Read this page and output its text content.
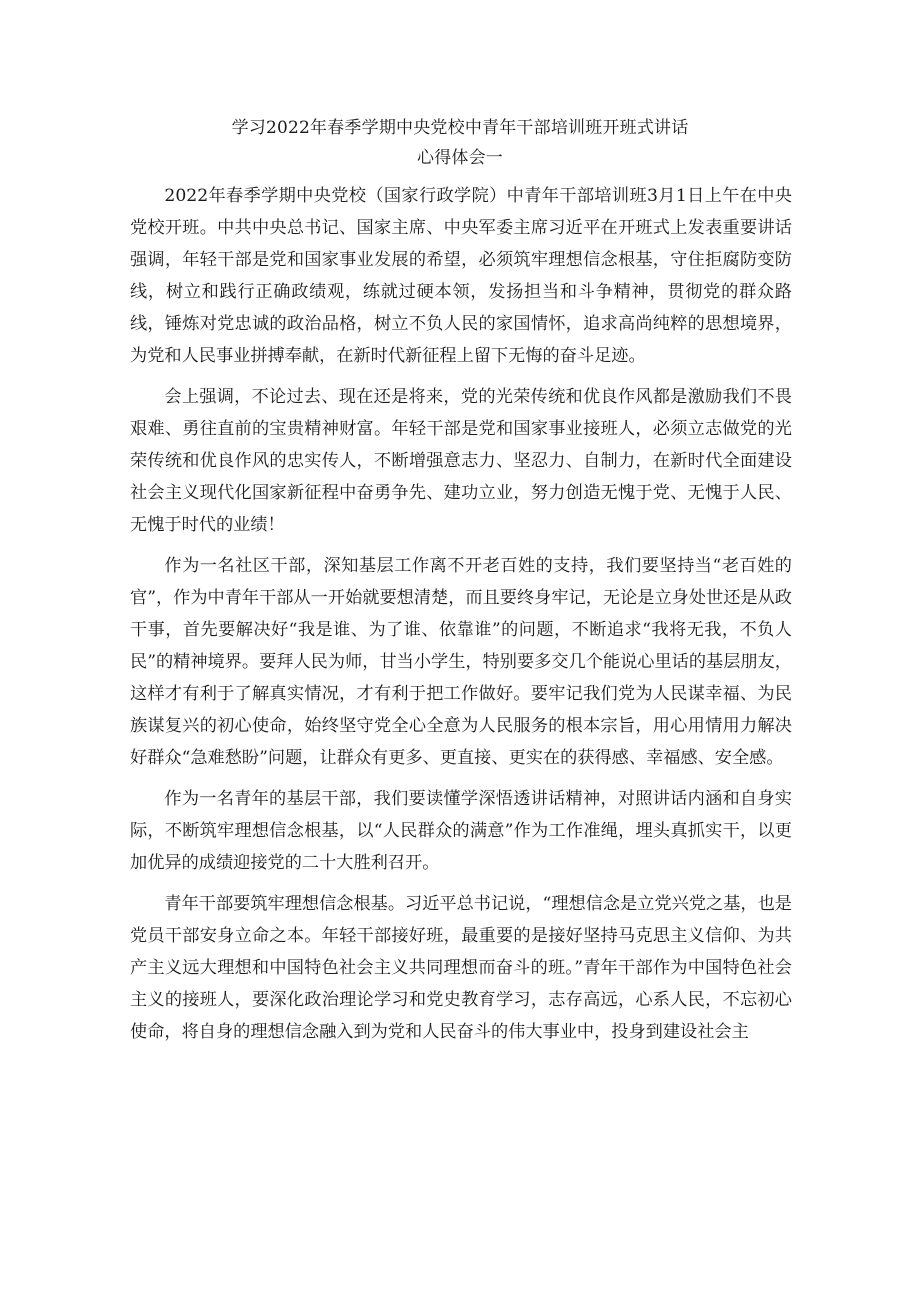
学习2022年春季学期中央党校中青年干部培训班开班式讲话
心得体会一

2022年春季学期中央党校（国家行政学院）中青年干部培训班3月1日上午在中央党校开班。中共中央总书记、国家主席、中央军委主席习近平在开班式上发表重要讲话强调，年轻干部是党和国家事业发展的希望，必须筑牢理想信念根基，守住拒腐防变防线，树立和践行正确政绩观，练就过硬本领，发扬担当和斗争精神，贯彻党的群众路线，锤炼对党忠诚的政治品格，树立不负人民的家国情怀，追求高尚纯粹的思想境界，为党和人民事业拼搏奉献，在新时代新征程上留下无悔的奋斗足迹。

会上强调，不论过去、现在还是将来，党的光荣传统和优良作风都是激励我们不畏艰难、勇往直前的宝贵精神财富。年轻干部是党和国家事业接班人，必须立志做党的光荣传统和优良作风的忠实传人，不断增强意志力、坚忍力、自制力，在新时代全面建设社会主义现代化国家新征程中奋勇争先、建功立业，努力创造无愧于党、无愧于人民、无愧于时代的业绩！

作为一名社区干部，深知基层工作离不开老百姓的支持，我们要坚持当“老百姓的官”，作为中青年干部从一开始就要想清楚，而且要终身牢记，无论是立身处世还是从政干事，首先要解决好“我是谁、为了谁、依靠谁”的问题，不断追求“我将无我，不负人民”的精神境界。要拜人民为师，甘当小学生，特别要多交几个能说心里话的基层朋友，这样才有利于了解真实情况，才有利于把工作做好。要牢记我们党为人民谋幸福、为民族谋复兴的初心使命，始终坚守党全心全意为人民服务的根本宗旨，用心用情用力解决好群众“急难愁盼”问题，让群众有更多、更直接、更实在的获得感、幸福感、安全感。

作为一名青年的基层干部，我们要读懂学深悟透讲话精神，对照讲话内涵和自身实际，不断筑牢理想信念根基，以“人民群众的满意”作为工作准绳，埋头真抓实干，以更加优异的成绩迎接党的二十大胜利召开。

青年干部要筑牢理想信念根基。习近平总书记说，“理想信念是立党兴党之基，也是党员干部安身立命之本。年轻干部接好班，最重要的是接好坚持马克思主义信仰、为共产主义远大理想和中国特色社会主义共同理想而奋斗的班。”青年干部作为中国特色社会主义的接班人，要深化政治理论学习和党史教育学习，志存高远，心系人民，不忘初心使命，将自身的理想信念融入到为党和人民奋斗的伟大事业中，投身到建设社会主
